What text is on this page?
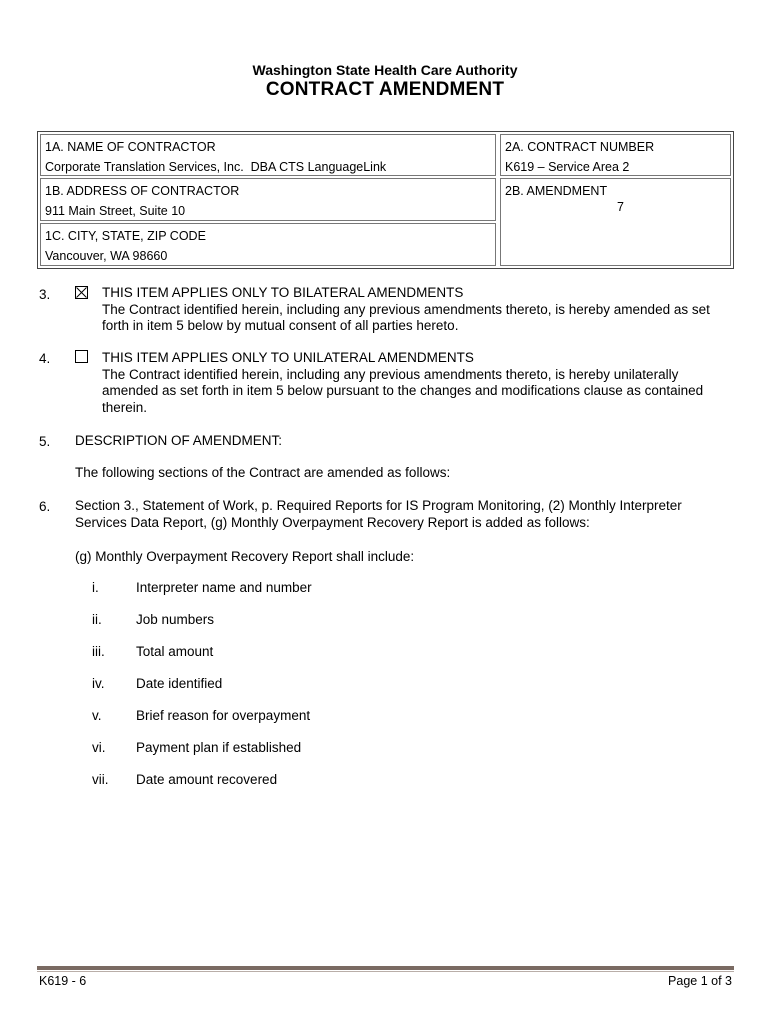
Washington State Health Care Authority
CONTRACT AMENDMENT
1A. NAME OF CONTRACTOR
Corporate Translation Services, Inc.  DBA CTS LanguageLink
2A. CONTRACT NUMBER
K619 – Service Area 2
1B. ADDRESS OF CONTRACTOR
911 Main Street, Suite 10
2B. AMENDMENT
7
1C. CITY, STATE, ZIP CODE
Vancouver, WA 98660
3.	THIS ITEM APPLIES ONLY TO BILATERAL AMENDMENTS
The Contract identified herein, including any previous amendments thereto, is hereby amended as set forth in item 5 below by mutual consent of all parties hereto.
4.	THIS ITEM APPLIES ONLY TO UNILATERAL AMENDMENTS
The Contract identified herein, including any previous amendments thereto, is hereby unilaterally amended as set forth in item 5 below pursuant to the changes and modifications clause as contained therein.
5.	DESCRIPTION OF AMENDMENT:
The following sections of the Contract are amended as follows:
6.	Section 3., Statement of Work, p. Required Reports for IS Program Monitoring, (2) Monthly Interpreter Services Data Report, (g) Monthly Overpayment Recovery Report is added as follows:
(g) Monthly Overpayment Recovery Report shall include:
i.	Interpreter name and number
ii.	Job numbers
iii.	Total amount
iv.	Date identified
v.	Brief reason for overpayment
vi.	Payment plan if established
vii.	Date amount recovered
K619 - 6	Page 1 of 3
